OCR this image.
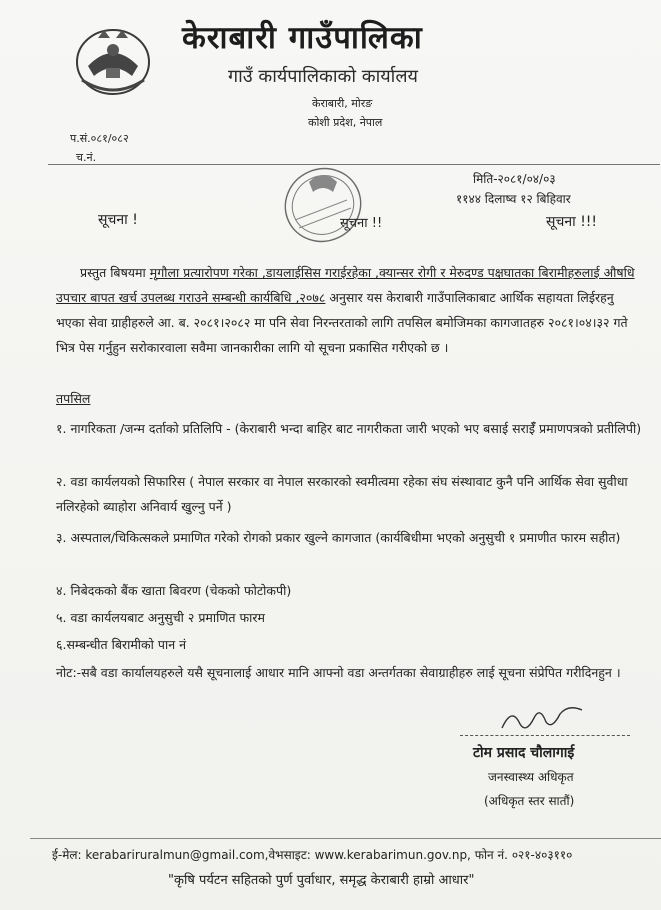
केराबारी गाउँपालिका
गाउँ कार्यपालिकाको कार्यालय
केराबारी, मोरङ
कोशी प्रदेश, नेपाल
प.सं.०८१/०८२
च.नं.
मिति-२०८१/०४/०३
११४४ दिलाष्व १२ बिहिवार
सूचना !	सूचना !!	सूचना !!!
प्रस्तुत बिषयमा मृगौला प्रत्यारोपण गरेका ,डायलाईसिस गराईरहेका ,क्यान्सर रोगी र मेरुदण्ड पक्षघातका बिरामीहरुलाई औषधि उपचार बापत खर्च उपलब्ध गराउने सम्बन्धी कार्यबिधि ,२०७८ अनुसार यस केराबारी गाउँपालिकाबाट आर्थिक सहायता लिईरहनु भएका सेवा ग्राहीहरुले आ. ब. २०८१।२०८२ मा पनि सेवा निरन्तरताको लागि तपसिल बमोजिमका कागजातहरु २०८१।०४।३२ गते भित्र पेस गर्नुहुन सरोकारवाला सवैमा जानकारीका लागि यो सूचना प्रकासित गरीएको छ ।
तपसिल
१. नागरिकता /जन्म दर्ताको प्रतिलिपि - (केराबारी भन्दा बाहिर बाट नागरीकता जारी भएको भए बसाई सराईँ प्रमाणपत्रको प्रतीलिपी)
२. वडा कार्यलयको सिफारिस ( नेपाल सरकार वा नेपाल सरकारको स्वमीत्वमा रहेका संघ संस्थावाट कुनै पनि आर्थिक सेवा सुवीधा नलिरहेको ब्याहोरा अनिवार्य खुल्नु पर्ने )
३. अस्पताल/चिकित्सकले प्रमाणित गरेको रोगको प्रकार खुल्ने कागजात (कार्यबिधीमा भएको अनुसुची १ प्रमाणीत फारम सहीत)
४. निबेदकको बैंक खाता बिवरण (चेकको फोटोकपी)
५. वडा कार्यलयबाट अनुसुची २ प्रमाणित फारम
६.सम्बन्धीत बिरामीको पान नं
नोट:-सबै वडा कार्यालयहरुले यसै सूचनालाई आधार मानि आफ्नो वडा अन्तर्गतका सेवाग्राहीहरु लाई सूचना संप्रेपित गरीदिनहुन ।
टोम प्रसाद चौलागाई
जनस्वास्थ्य अधिकृत
(अधिकृत स्तर सातौं)
ई-मेल: kerabariruralmun@gmail.com,वेभसाइट: www.kerabarimun.gov.np, फोन नं. ०२१-४०३११०
"कृषि पर्यटन सहितको पुर्ण पुर्वाधार, समृद्ध केराबारी हाम्रो आधार"
